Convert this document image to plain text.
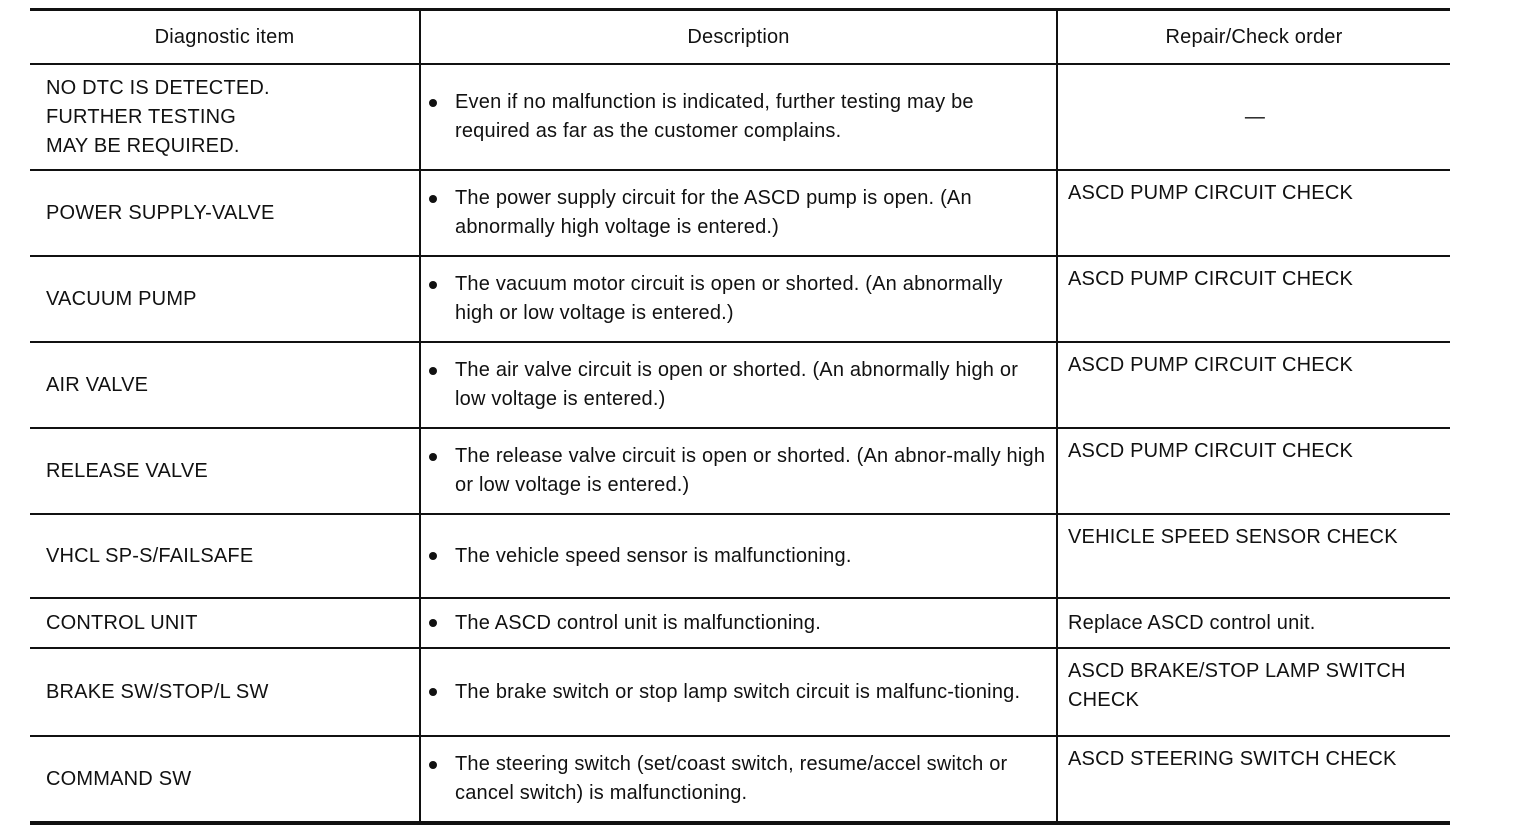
Diagnostic item	Description	Repair/Check order
NO DTC IS DETECTED.
FURTHER TESTING
MAY BE REQUIRED.	Even if no malfunction is indicated, further testing may be required as far as the customer complains.	—
POWER SUPPLY-VALVE	The power supply circuit for the ASCD pump is open. (An abnormally high voltage is entered.)	ASCD PUMP CIRCUIT CHECK
VACUUM PUMP	The vacuum motor circuit is open or shorted. (An abnormally high or low voltage is entered.)	ASCD PUMP CIRCUIT CHECK
AIR VALVE	The air valve circuit is open or shorted. (An abnormally high or low voltage is entered.)	ASCD PUMP CIRCUIT CHECK
RELEASE VALVE	The release valve circuit is open or shorted. (An abnor-mally high or low voltage is entered.)	ASCD PUMP CIRCUIT CHECK
VHCL SP-S/FAILSAFE	The vehicle speed sensor is malfunctioning.	VEHICLE SPEED SENSOR CHECK
CONTROL UNIT	The ASCD control unit is malfunctioning.	Replace ASCD control unit.
BRAKE SW/STOP/L SW	The brake switch or stop lamp switch circuit is malfunc-tioning.	ASCD BRAKE/STOP LAMP SWITCH CHECK
COMMAND SW	The steering switch (set/coast switch, resume/accel switch or cancel switch) is malfunctioning.	ASCD STEERING SWITCH CHECK
